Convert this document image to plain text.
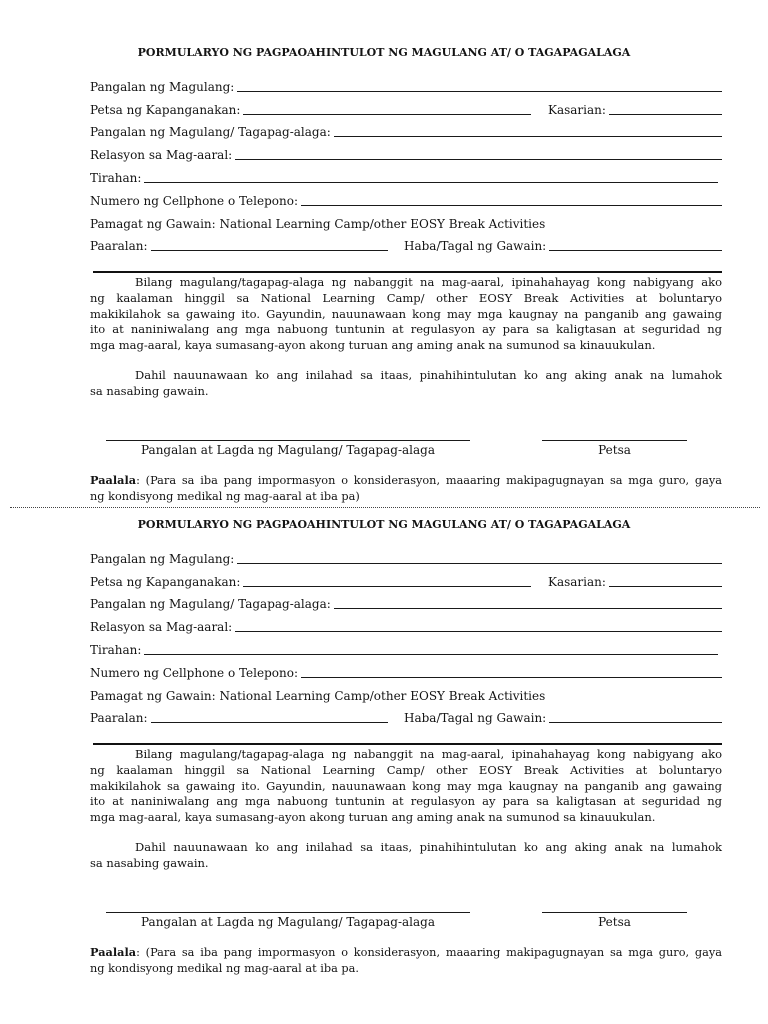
PORMULARYO NG PAGPAOAHINTULOT NG MAGULANG AT/ O TAGAPAGALAGA
Pangalan ng Magulang:
Petsa ng Kapanganakan:	Kasarian:
Pangalan ng Magulang/ Tagapag-alaga:
Relasyon sa Mag-aaral:
Tirahan:
Numero ng Cellphone o Telepono:
Pamagat ng Gawain: National Learning Camp/other EOSY Break Activities
Paaralan:	Haba/Tagal ng Gawain:
Bilang magulang/tagapag-alaga ng nabanggit na mag-aaral, ipinahahayag kong nabigyang ako
ng kaalaman hinggil sa National Learning Camp/ other EOSY Break Activities at boluntaryo
makikilahok sa gawaing ito. Gayundin, nauunawaan kong may mga kaugnay na panganib ang gawaing
ito at naniniwalang ang mga nabuong tuntunin at regulasyon ay para sa kaligtasan at seguridad ng
mga mag-aaral, kaya sumasang-ayon akong turuan ang aming anak na sumunod sa kinauukulan.
Dahil nauunawaan ko ang inilahad sa itaas, pinahihintulutan ko ang aking anak na lumahok
sa nasabing gawain.
Pangalan at Lagda ng Magulang/ Tagapag-alaga	Petsa
Paalala: (Para sa iba pang impormasyon o konsiderasyon, maaaring makipagugnayan sa mga guro, gaya
ng kondisyong medikal ng mag-aaral at iba pa)
PORMULARYO NG PAGPAOAHINTULOT NG MAGULANG AT/ O TAGAPAGALAGA
Pangalan ng Magulang:
Petsa ng Kapanganakan:	Kasarian:
Pangalan ng Magulang/ Tagapag-alaga:
Relasyon sa Mag-aaral:
Tirahan:
Numero ng Cellphone o Telepono:
Pamagat ng Gawain: National Learning Camp/other EOSY Break Activities
Paaralan:	Haba/Tagal ng Gawain:
Bilang magulang/tagapag-alaga ng nabanggit na mag-aaral, ipinahahayag kong nabigyang ako
ng kaalaman hinggil sa National Learning Camp/ other EOSY Break Activities at boluntaryo
makikilahok sa gawaing ito. Gayundin, nauunawaan kong may mga kaugnay na panganib ang gawaing
ito at naniniwalang ang mga nabuong tuntunin at regulasyon ay para sa kaligtasan at seguridad ng
mga mag-aaral, kaya sumasang-ayon akong turuan ang aming anak na sumunod sa kinauukulan.
Dahil nauunawaan ko ang inilahad sa itaas, pinahihintulutan ko ang aking anak na lumahok
sa nasabing gawain.
Pangalan at Lagda ng Magulang/ Tagapag-alaga	Petsa
Paalala: (Para sa iba pang impormasyon o konsiderasyon, maaaring makipagugnayan sa mga guro, gaya
ng kondisyong medikal ng mag-aaral at iba pa.
